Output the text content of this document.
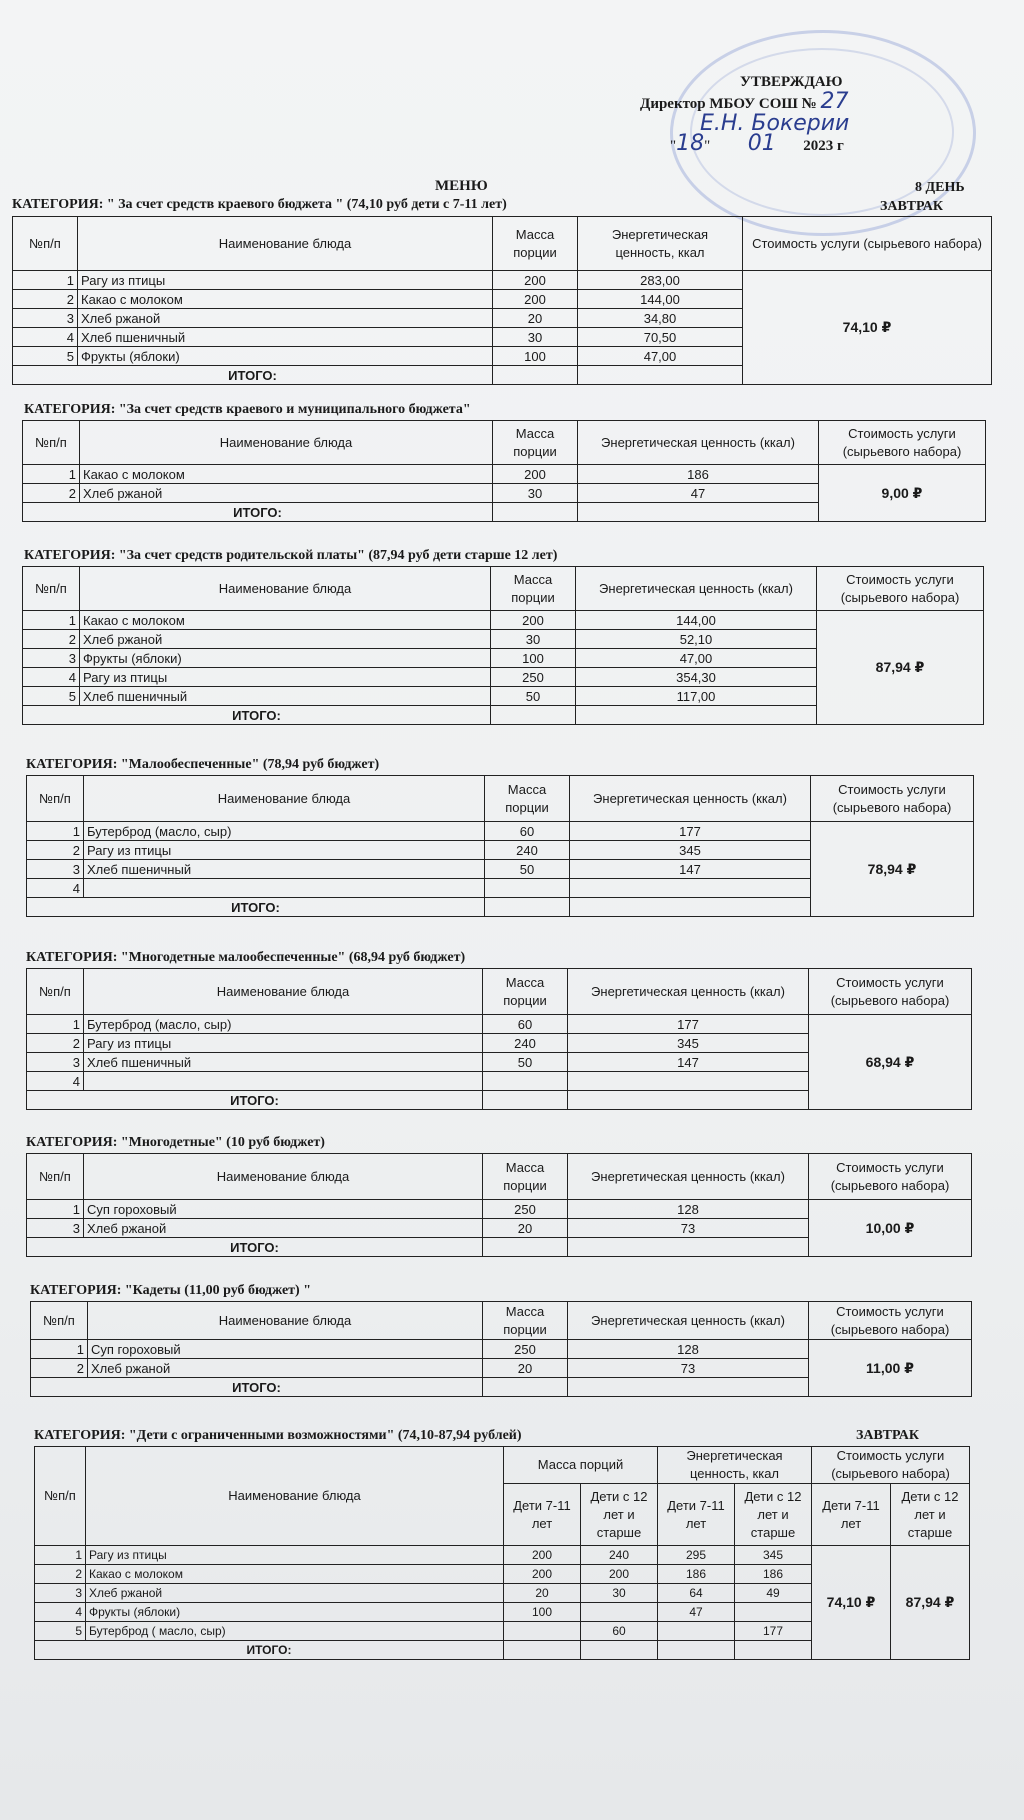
УТВЕРЖДАЮ
Директор МБОУ СОШ № 27
Е.Н. Бокерии
"18"  01 2023 г
МЕНЮ	8 ДЕНЬ
КАТЕГОРИЯ: " За счет средств краевого бюджета " (74,10 руб дети с 7-11 лет)	ЗАВТРАК
№п/п	Наименование блюда	Масса порции	Энергетическая ценность, ккал	Стоимость услуги (сырьевого набора)
1	Рагу из птицы	200	283,00	74,10 ₽
2	Какао с молоком	200	144,00	
3	Хлеб ржаной	20	34,80	
4	Хлеб пшеничный	30	70,50	
5	Фрукты (яблоки)	100	47,00	
ИТОГО:				
КАТЕГОРИЯ: "За счет средств краевого и муниципального бюджета"
№п/п	Наименование блюда	Масса порции	Энергетическая ценность (ккал)	Стоимость услуги (сырьевого набора)
1	Какао с молоком	200	186	9,00 ₽
2	Хлеб ржаной	30	47	
ИТОГО:				
КАТЕГОРИЯ: "За счет средств родительской платы" (87,94 руб дети старше 12 лет)
№п/п	Наименование блюда	Масса порции	Энергетическая ценность (ккал)	Стоимость услуги (сырьевого набора)
1	Какао с молоком	200	144,00	87,94 ₽
2	Хлеб ржаной	30	52,10	
3	Фрукты (яблоки)	100	47,00	
4	Рагу из птицы	250	354,30	
5	Хлеб пшеничный	50	117,00	
ИТОГО:				
КАТЕГОРИЯ: "Малообеспеченные" (78,94 руб бюджет)
№п/п	Наименование блюда	Масса порции	Энергетическая ценность (ккал)	Стоимость услуги (сырьевого набора)
1	Бутерброд (масло, сыр)	60	177	78,94 ₽
2	Рагу из птицы	240	345	
3	Хлеб пшеничный	50	147	
4				
ИТОГО:				
КАТЕГОРИЯ: "Многодетные малообеспеченные" (68,94 руб бюджет)
№п/п	Наименование блюда	Масса порции	Энергетическая ценность (ккал)	Стоимость услуги (сырьевого набора)
1	Бутерброд (масло, сыр)	60	177	68,94 ₽
2	Рагу из птицы	240	345	
3	Хлеб пшеничный	50	147	
4				
ИТОГО:				
КАТЕГОРИЯ: "Многодетные" (10 руб бюджет)
№п/п	Наименование блюда	Масса порции	Энергетическая ценность (ккал)	Стоимость услуги (сырьевого набора)
1	Суп гороховый	250	128	10,00 ₽
3	Хлеб ржаной	20	73	
ИТОГО:				
КАТЕГОРИЯ: "Кадеты (11,00 руб бюджет) "
№п/п	Наименование блюда	Масса порции	Энергетическая ценность (ккал)	Стоимость услуги (сырьевого набора)
1	Суп гороховый	250	128	11,00 ₽
2	Хлеб ржаной	20	73	
ИТОГО:				
КАТЕГОРИЯ: "Дети с ограниченными возможностями" (74,10-87,94 рублей)	ЗАВТРАК
№п/п	Наименование блюда	Масса порций		Энергетическая ценность, ккал		Стоимость услуги (сырьевого набора)	
		Дети 7-11 лет	Дети с 12 лет и старше	Дети 7-11 лет	Дети с 12 лет и старше	Дети 7-11 лет	Дети с 12 лет и старше
1	Рагу из птицы	200	240	295	345	74,10 ₽	87,94 ₽
2	Какао с молоком	200	200	186	186		
3	Хлеб ржаной	20	30	64	49		
4	Фрукты (яблоки)	100		47			
5	Бутерброд ( масло, сыр)		60		177		
ИТОГО:							
